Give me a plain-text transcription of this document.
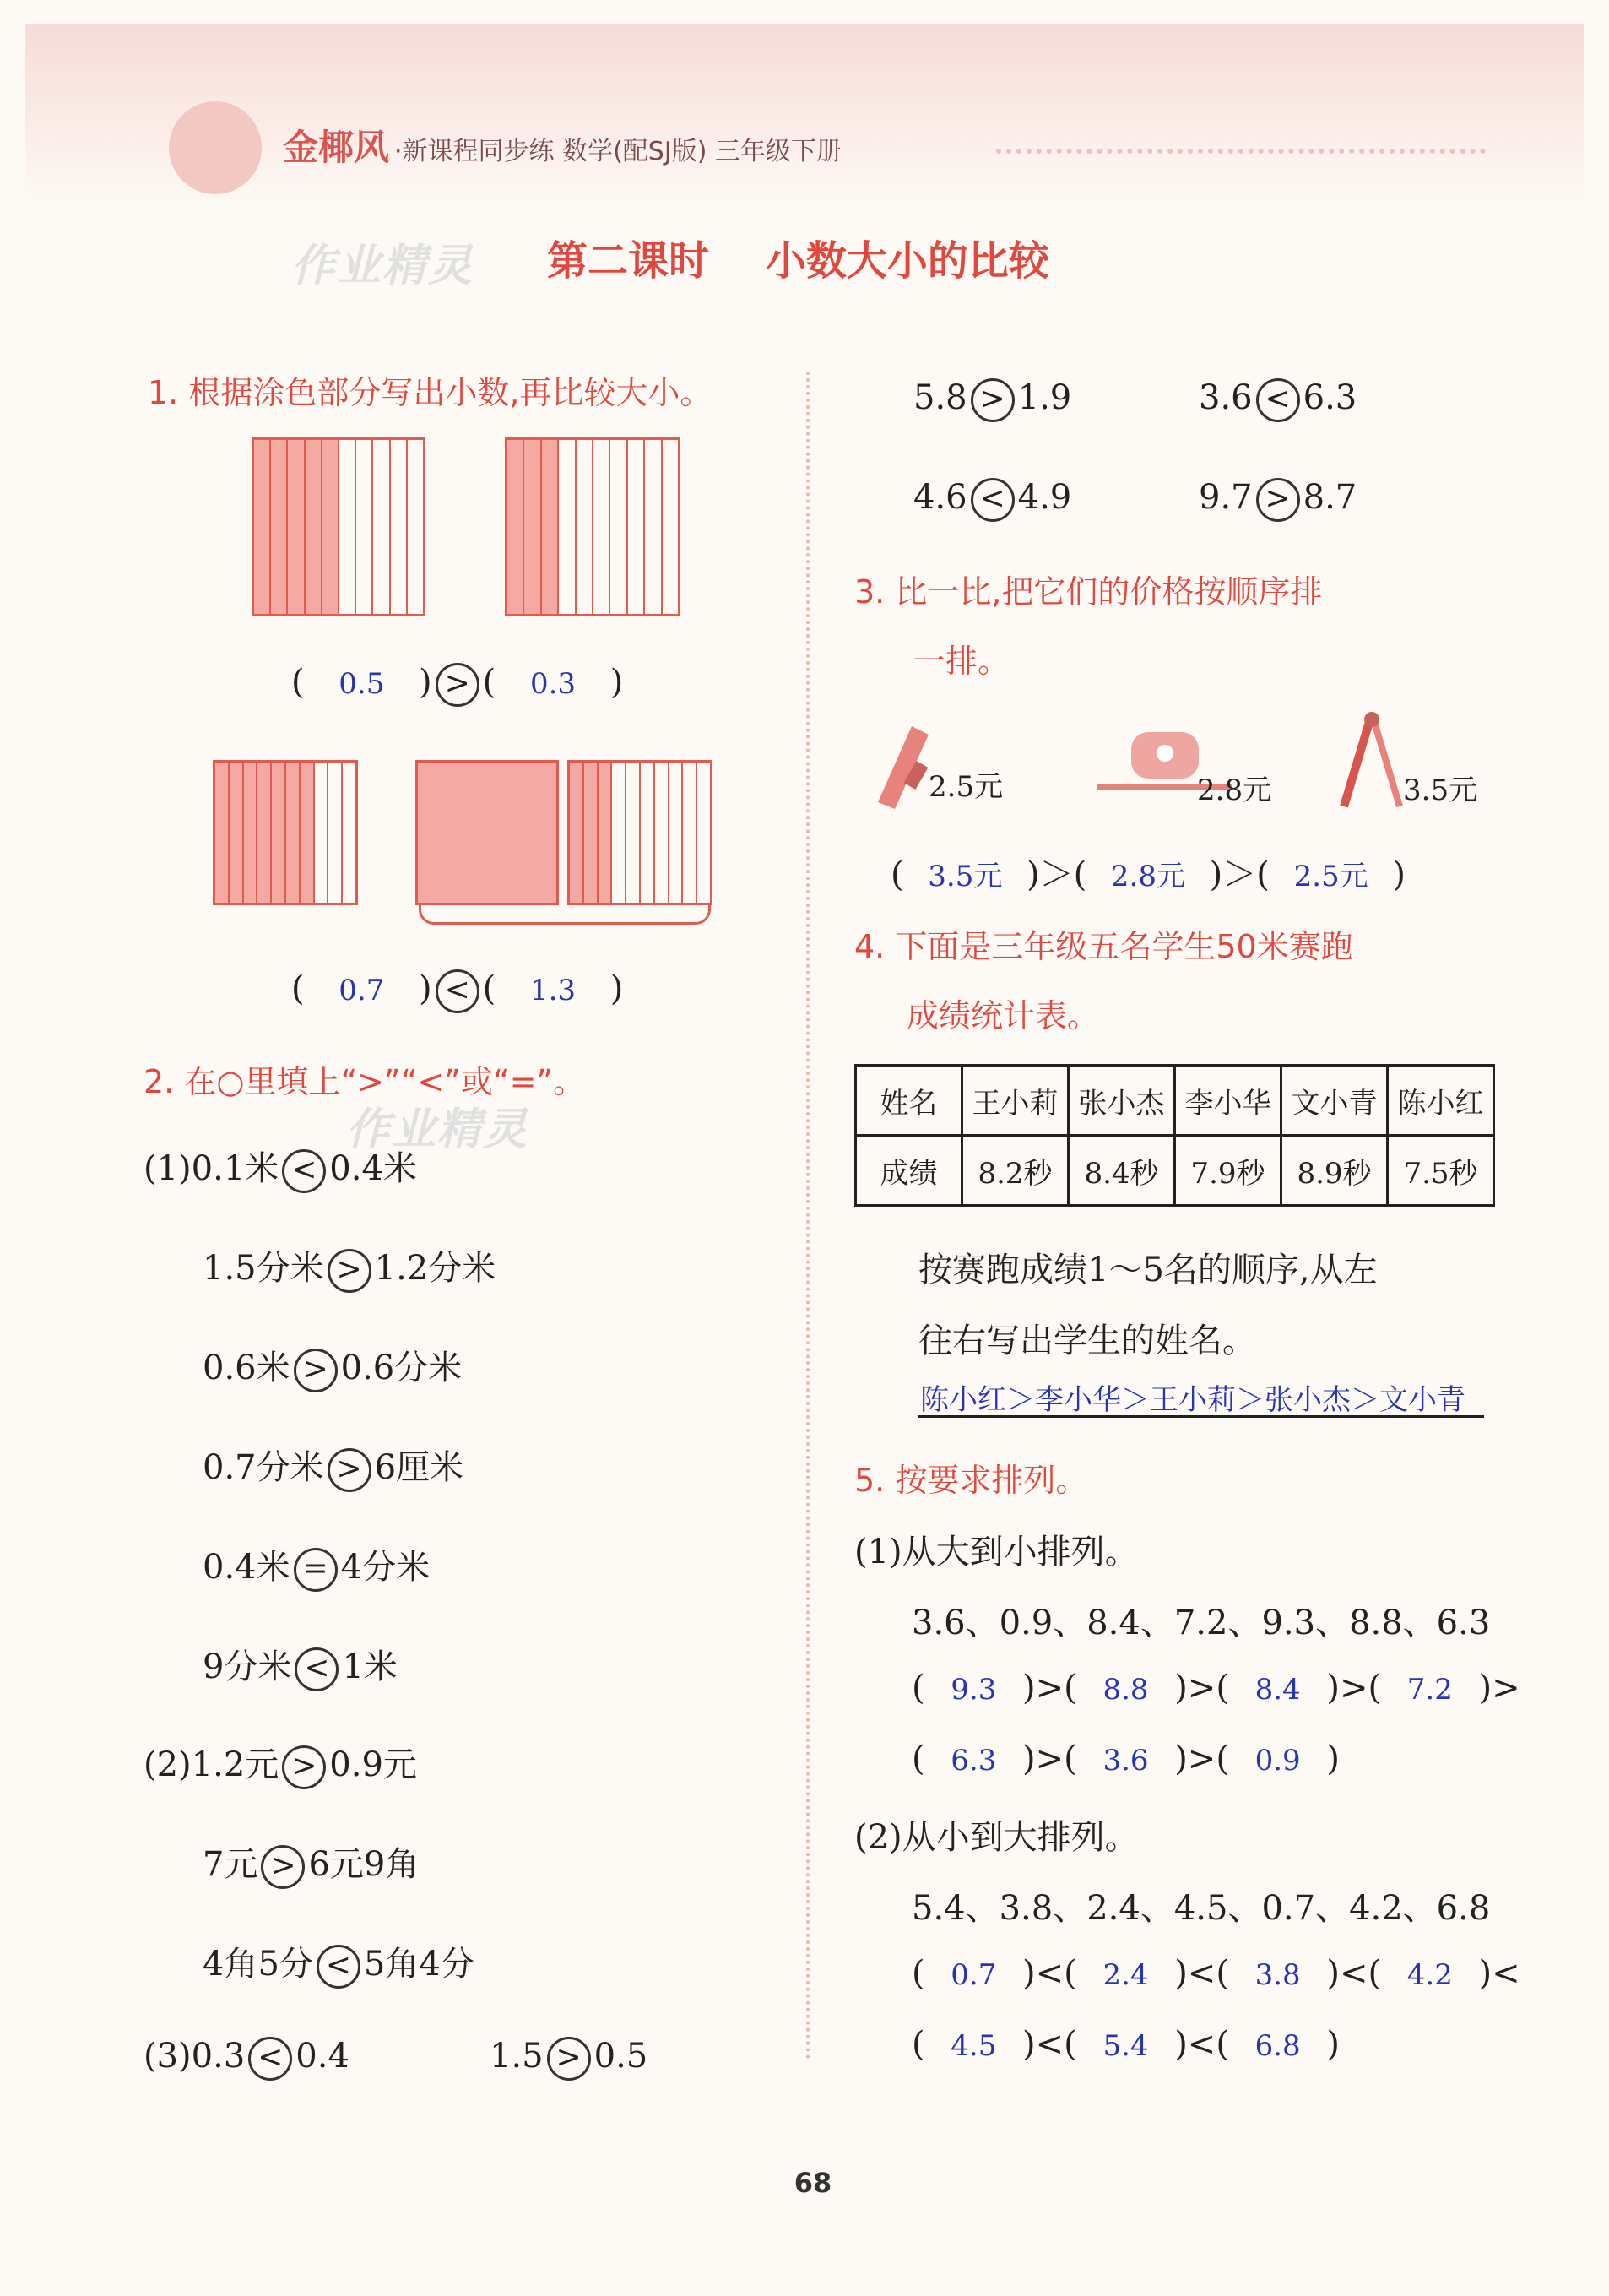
金椰风 ·新课程同步练 数学(配SJ版) 三年级下册
作业精灵
作业精灵
第二课时    小数大小的比较
1. 根据涂色部分写出小数,再比较大小。
( 0.5 ) > ( 0.3 )
( 0.7 ) < ( 1.3 )
2. 在○里填上“>”“<”或“=”。
(1)0.1米 < 0.4米
1.5分米 > 1.2分米
0.6米 > 0.6分米
0.7分米 > 6厘米
0.4米 = 4分米
9分米 < 1米
(2)1.2元 > 0.9元
7元 > 6元9角
4角5分 < 5角4分
(3)0.3 < 0.4	1.5 > 0.5
5.8 > 1.9	3.6 < 6.3
4.6 < 4.9	9.7 > 8.7
3. 比一比,把它们的价格按顺序排
一排。
2.5元	2.8元	3.5元
( 3.5元 )＞( 2.8元 )＞( 2.5元 )
4. 下面是三年级五名学生50米赛跑
成绩统计表。
姓名	王小莉	张小杰	李小华	文小青	陈小红
成绩	8.2秒	8.4秒	7.9秒	8.9秒	7.5秒
按赛跑成绩1～5名的顺序,从左
往右写出学生的姓名。
陈小红＞李小华＞王小莉＞张小杰＞文小青
5. 按要求排列。
(1)从大到小排列。
3.6、0.9、8.4、7.2、9.3、8.8、6.3
( 9.3 )>( 8.8 )>( 8.4 )>( 7.2 )>
( 6.3 )>( 3.6 )>( 0.9 )
(2)从小到大排列。
5.4、3.8、2.4、4.5、0.7、4.2、6.8
( 0.7 )<( 2.4 )<( 3.8 )<( 4.2 )<
( 4.5 )<( 5.4 )<( 6.8 )
68
